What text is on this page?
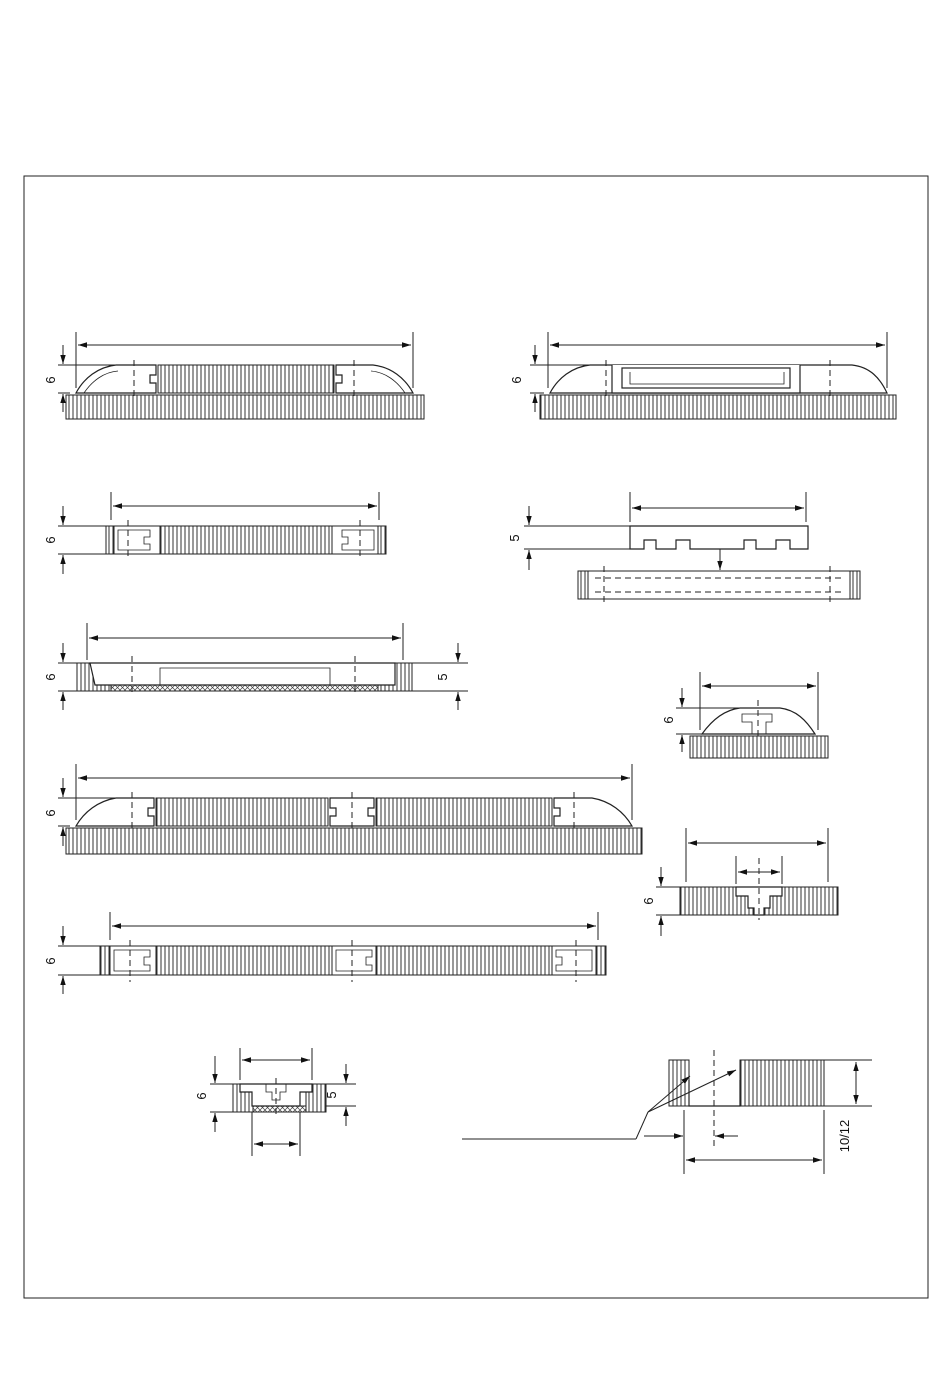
6	6
6	5
6	5
6
6
6
6
6	5
10/12
